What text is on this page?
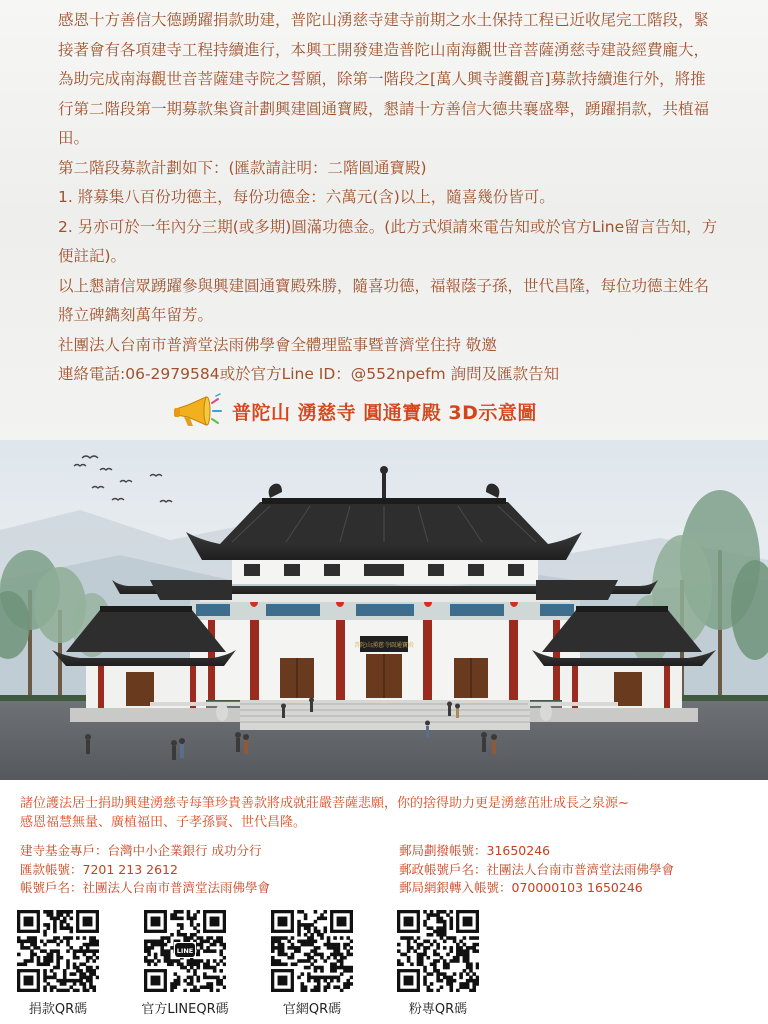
感恩十方善信大德踴躍捐款助建，普陀山湧慈寺建寺前期之水土保持工程已近收尾完工階段，緊接著會有各項建寺工程持續進行，本興工開發建造普陀山南海觀世音菩薩湧慈寺建設經費龐大，為助完成南海觀世音菩薩建寺院之誓願，除第一階段之[萬人興寺護觀音]募款持續進行外，將推行第二階段第一期募款集資計劃興建圓通寶殿，懇請十方善信大德共襄盛舉，踴躍捐款，共植福田。

第二階段募款計劃如下：(匯款請註明：二階圓通寶殿)

1. 將募集八百份功德主，每份功德金：六萬元(含)以上，隨喜幾份皆可。

2. 另亦可於一年內分三期(或多期)圓滿功德金。(此方式煩請來電告知或於官方Line留言告知，方便註記)。

以上懇請信眾踴躍參與興建圓通寶殿殊勝，隨喜功德，福報蔭子孫，世代昌隆，每位功德主姓名將立碑鐫刻萬年留芳。

社團法人台南市普濟堂法雨佛學會全體理監事暨普濟堂住持 敬邀

連絡電話:06-2979584或於官方Line ID：@552npefm 詢問及匯款告知

普陀山 湧慈寺 圓通寶殿 3D示意圖
普陀山湧慈寺圓通寶殿

諸位護法居士捐助興建湧慈寺每筆珍貴善款將成就莊嚴菩薩悲願，你的捨得助力更是湧慈茁壯成長之泉源~

感恩福慧無量、廣植福田、子孝孫賢、世代昌隆。

建寺基金專戶：台灣中小企業銀行 成功分行
匯款帳號：7201 213 2612
帳號戶名：社團法人台南市普濟堂法雨佛學會
郵局劃撥帳號：31650246
郵政帳號戶名：社團法人台南市普濟堂法雨佛學會
郵局網銀轉入帳號：070000103 1650246
捐款QR碼
LINE
官方LINEQR碼	官網QR碼	粉專QR碼
